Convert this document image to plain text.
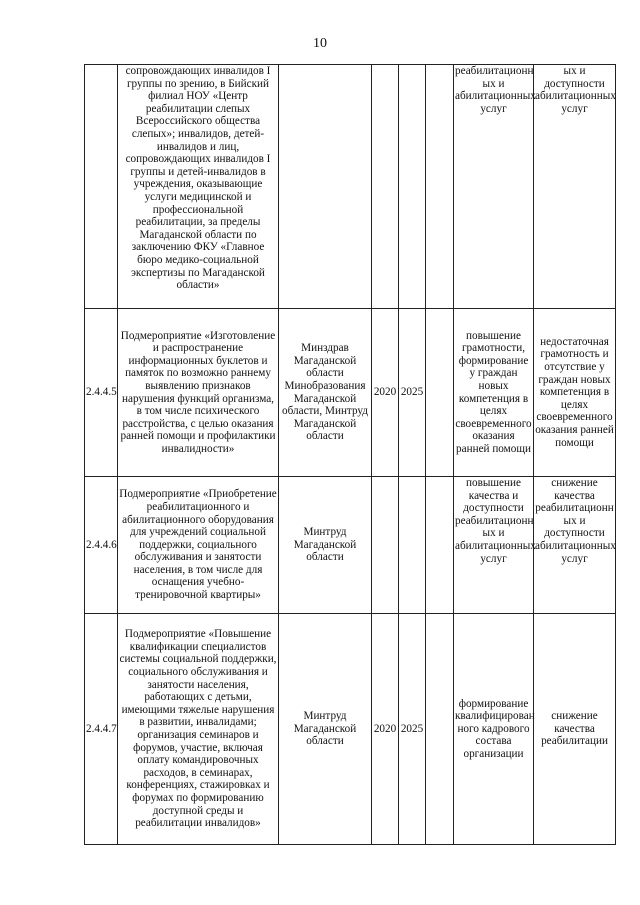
10
	сопровождающих инвалидов I группы по зрению, в Бийский филиал НОУ «Центр реабилитации слепых Всероссийского общества слепых»; инвалидов, детей-инвалидов и лиц, сопровождающих инвалидов I группы и детей-инвалидов в учреждения, оказывающие услуги медицинской и профессиональной реабилитации, за пределы Магаданской области по заключению ФКУ «Главное бюро медико-социальной экспертизы по Магаданской области»					реабилитационн ых и абилитационных услуг	ых и доступности абилитационных услуг
2.4.4.5	Подмероприятие «Изготовление и распространение информационных буклетов и памяток по возможно раннему выявлению признаков нарушения функций организма, в том числе психического расстройства, с целью оказания ранней помощи и профилактики инвалидности»	Минздрав Магаданской области Минобразования Магаданской области, Минтруд Магаданской области	2020	2025		повышение грамотности, формирование у граждан новых компетенция в целях своевременного оказания ранней помощи	недостаточная грамотность и отсутствие у граждан новых компетенция в целях своевременного оказания ранней помощи
2.4.4.6	Подмероприятие «Приобретение реабилитационного и абилитационного оборудования для учреждений социальной поддержки, социального обслуживания и занятости населения, в том числе для оснащения учебно-тренировочной квартиры»	Минтруд Магаданской области				повышение качества и доступности реабилитационн ых и абилитационных услуг	снижение качества реабилитационн ых и доступности абилитационных услуг
2.4.4.7	Подмероприятие «Повышение квалификации специалистов системы социальной поддержки, социального обслуживания и занятости населения, работающих с детьми, имеющими тяжелые нарушения в развитии, инвалидами; организация семинаров и форумов, участие, включая оплату командировочных расходов, в семинарах, конференциях, стажировках и форумах по формированию доступной среды и реабилитации инвалидов»	Минтруд Магаданской области	2020	2025		формирование квалифицирован ного кадрового состава организации	снижение качества реабилитации
